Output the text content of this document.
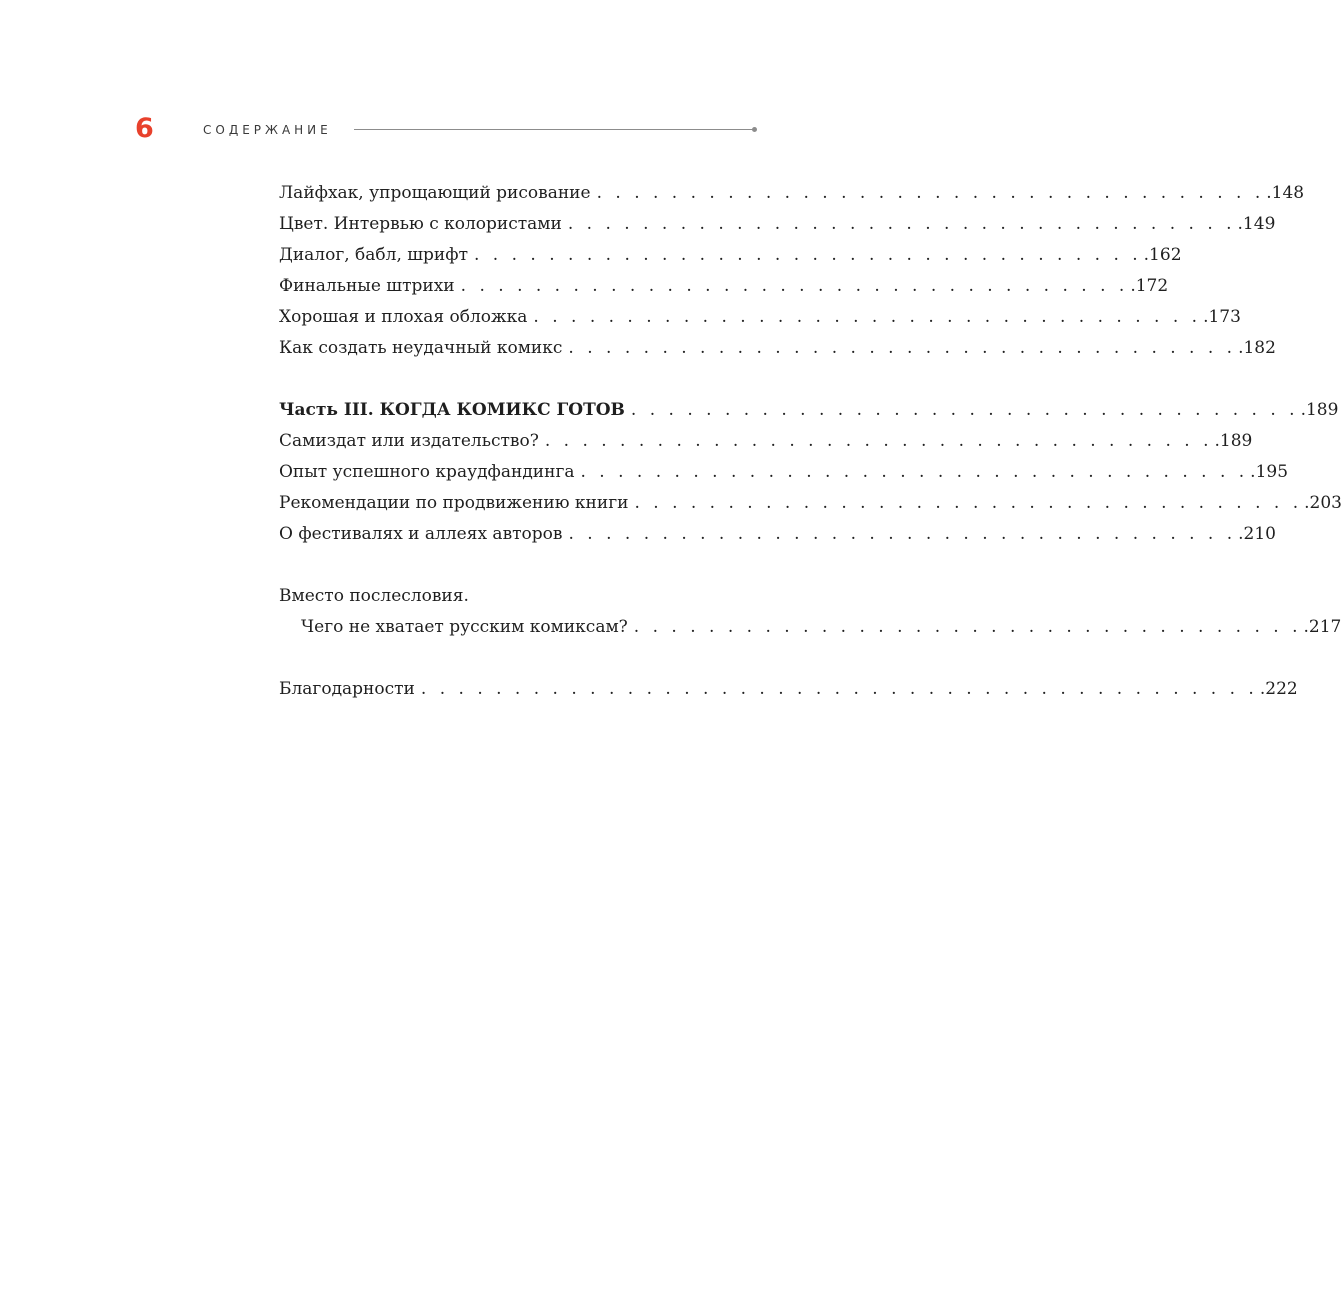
6	СОДЕРЖАНИЕ
Лайфхак, упрощающий рисование . . . . . . . . . . . . . . . . . . . . . . . . . . . . . . . . . . . . .148
Цвет. Интервью с колористами . . . . . . . . . . . . . . . . . . . . . . . . . . . . . . . . . . . . .149
Диалог, бабл, шрифт . . . . . . . . . . . . . . . . . . . . . . . . . . . . . . . . . . . . .162
Финальные штрихи . . . . . . . . . . . . . . . . . . . . . . . . . . . . . . . . . . . . .172
Хорошая и плохая обложка . . . . . . . . . . . . . . . . . . . . . . . . . . . . . . . . . . . . .173
Как создать неудачный комикс . . . . . . . . . . . . . . . . . . . . . . . . . . . . . . . . . . . . .182
Часть III. КОГДА КОМИКС ГОТОВ . . . . . . . . . . . . . . . . . . . . . . . . . . . . . . . . . . . . .189
Самиздат или издательство? . . . . . . . . . . . . . . . . . . . . . . . . . . . . . . . . . . . . .189
Опыт успешного краудфандинга . . . . . . . . . . . . . . . . . . . . . . . . . . . . . . . . . . . . .195
Рекомендации по продвижению книги . . . . . . . . . . . . . . . . . . . . . . . . . . . . . . . . . . . . .203
О фестивалях и аллеях авторов . . . . . . . . . . . . . . . . . . . . . . . . . . . . . . . . . . . . .210
Вместо послесловия.
Чего не хватает русским комиксам? . . . . . . . . . . . . . . . . . . . . . . . . . . . . . . . . . . . . .217
Благодарности . . . . . . . . . . . . . . . . . . . . . . . . . . . . . . . . . . . . . . . . . . . . . .222
